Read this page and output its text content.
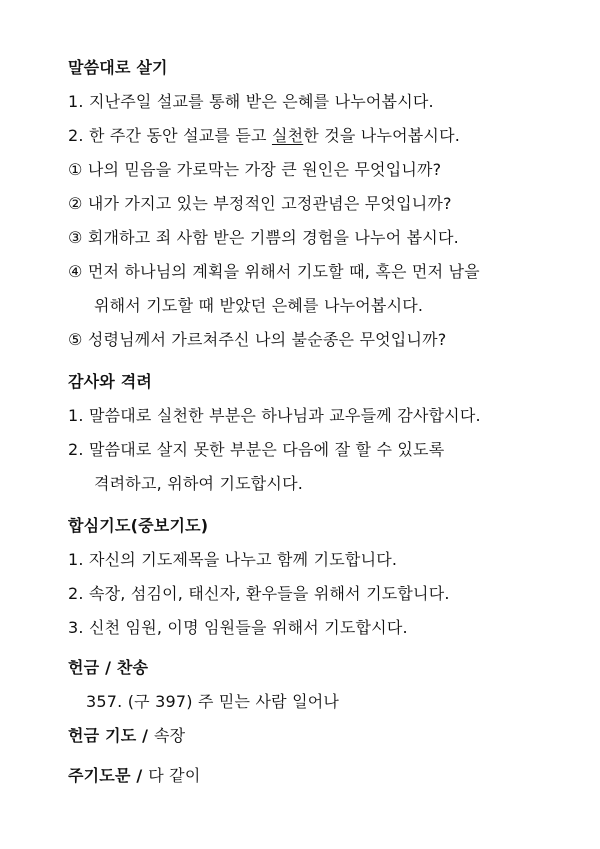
말씀대로 살기
1. 지난주일 설교를 통해 받은 은혜를 나누어봅시다.
2. 한 주간 동안 설교를 듣고 실천한 것을 나누어봅시다.
① 나의 믿음을 가로막는 가장 큰 원인은 무엇입니까?
② 내가 가지고 있는 부정적인 고정관념은 무엇입니까?
③ 회개하고 죄 사함 받은 기쁨의 경험을 나누어 봅시다.
④ 먼저 하나님의 계획을 위해서 기도할 때, 혹은 먼저 남을
위해서 기도할 때 받았던 은혜를 나누어봅시다.
⑤ 성령님께서 가르쳐주신 나의 불순종은 무엇입니까?
감사와 격려
1. 말씀대로 실천한 부분은 하나님과 교우들께 감사합시다.
2. 말씀대로 살지 못한 부분은 다음에 잘 할 수 있도록
격려하고, 위하여 기도합시다.
합심기도(중보기도)
1. 자신의 기도제목을 나누고 함께 기도합니다.
2. 속장, 섬김이, 태신자, 환우들을 위해서 기도합니다.
3. 신천 임원, 이명 임원들을 위해서 기도합시다.
헌금 / 찬송
357. (구 397) 주 믿는 사람 일어나
헌금 기도 / 속장
주기도문 / 다 같이
